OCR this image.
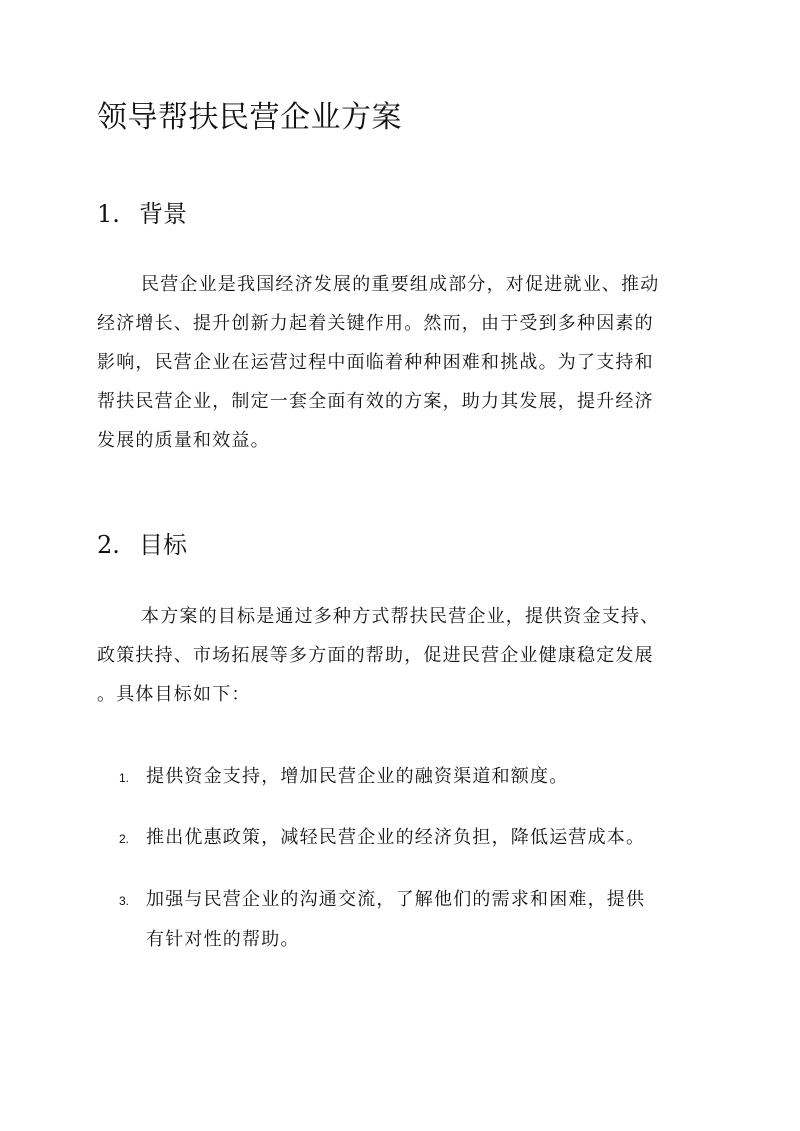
领导帮扶民营企业方案
1. 背景
民营企业是我国经济发展的重要组成部分，对促进就业、推动
经济增长、提升创新力起着关键作用。然而，由于受到多种因素的
影响，民营企业在运营过程中面临着种种困难和挑战。为了支持和
帮扶民营企业，制定一套全面有效的方案，助力其发展，提升经济
发展的质量和效益。
2. 目标
本方案的目标是通过多种方式帮扶民营企业，提供资金支持、
政策扶持、市场拓展等多方面的帮助，促进民营企业健康稳定发展
。具体目标如下：
1. 提供资金支持，增加民营企业的融资渠道和额度。
2. 推出优惠政策，减轻民营企业的经济负担，降低运营成本。
3. 加强与民营企业的沟通交流，了解他们的需求和困难，提供
有针对性的帮助。
